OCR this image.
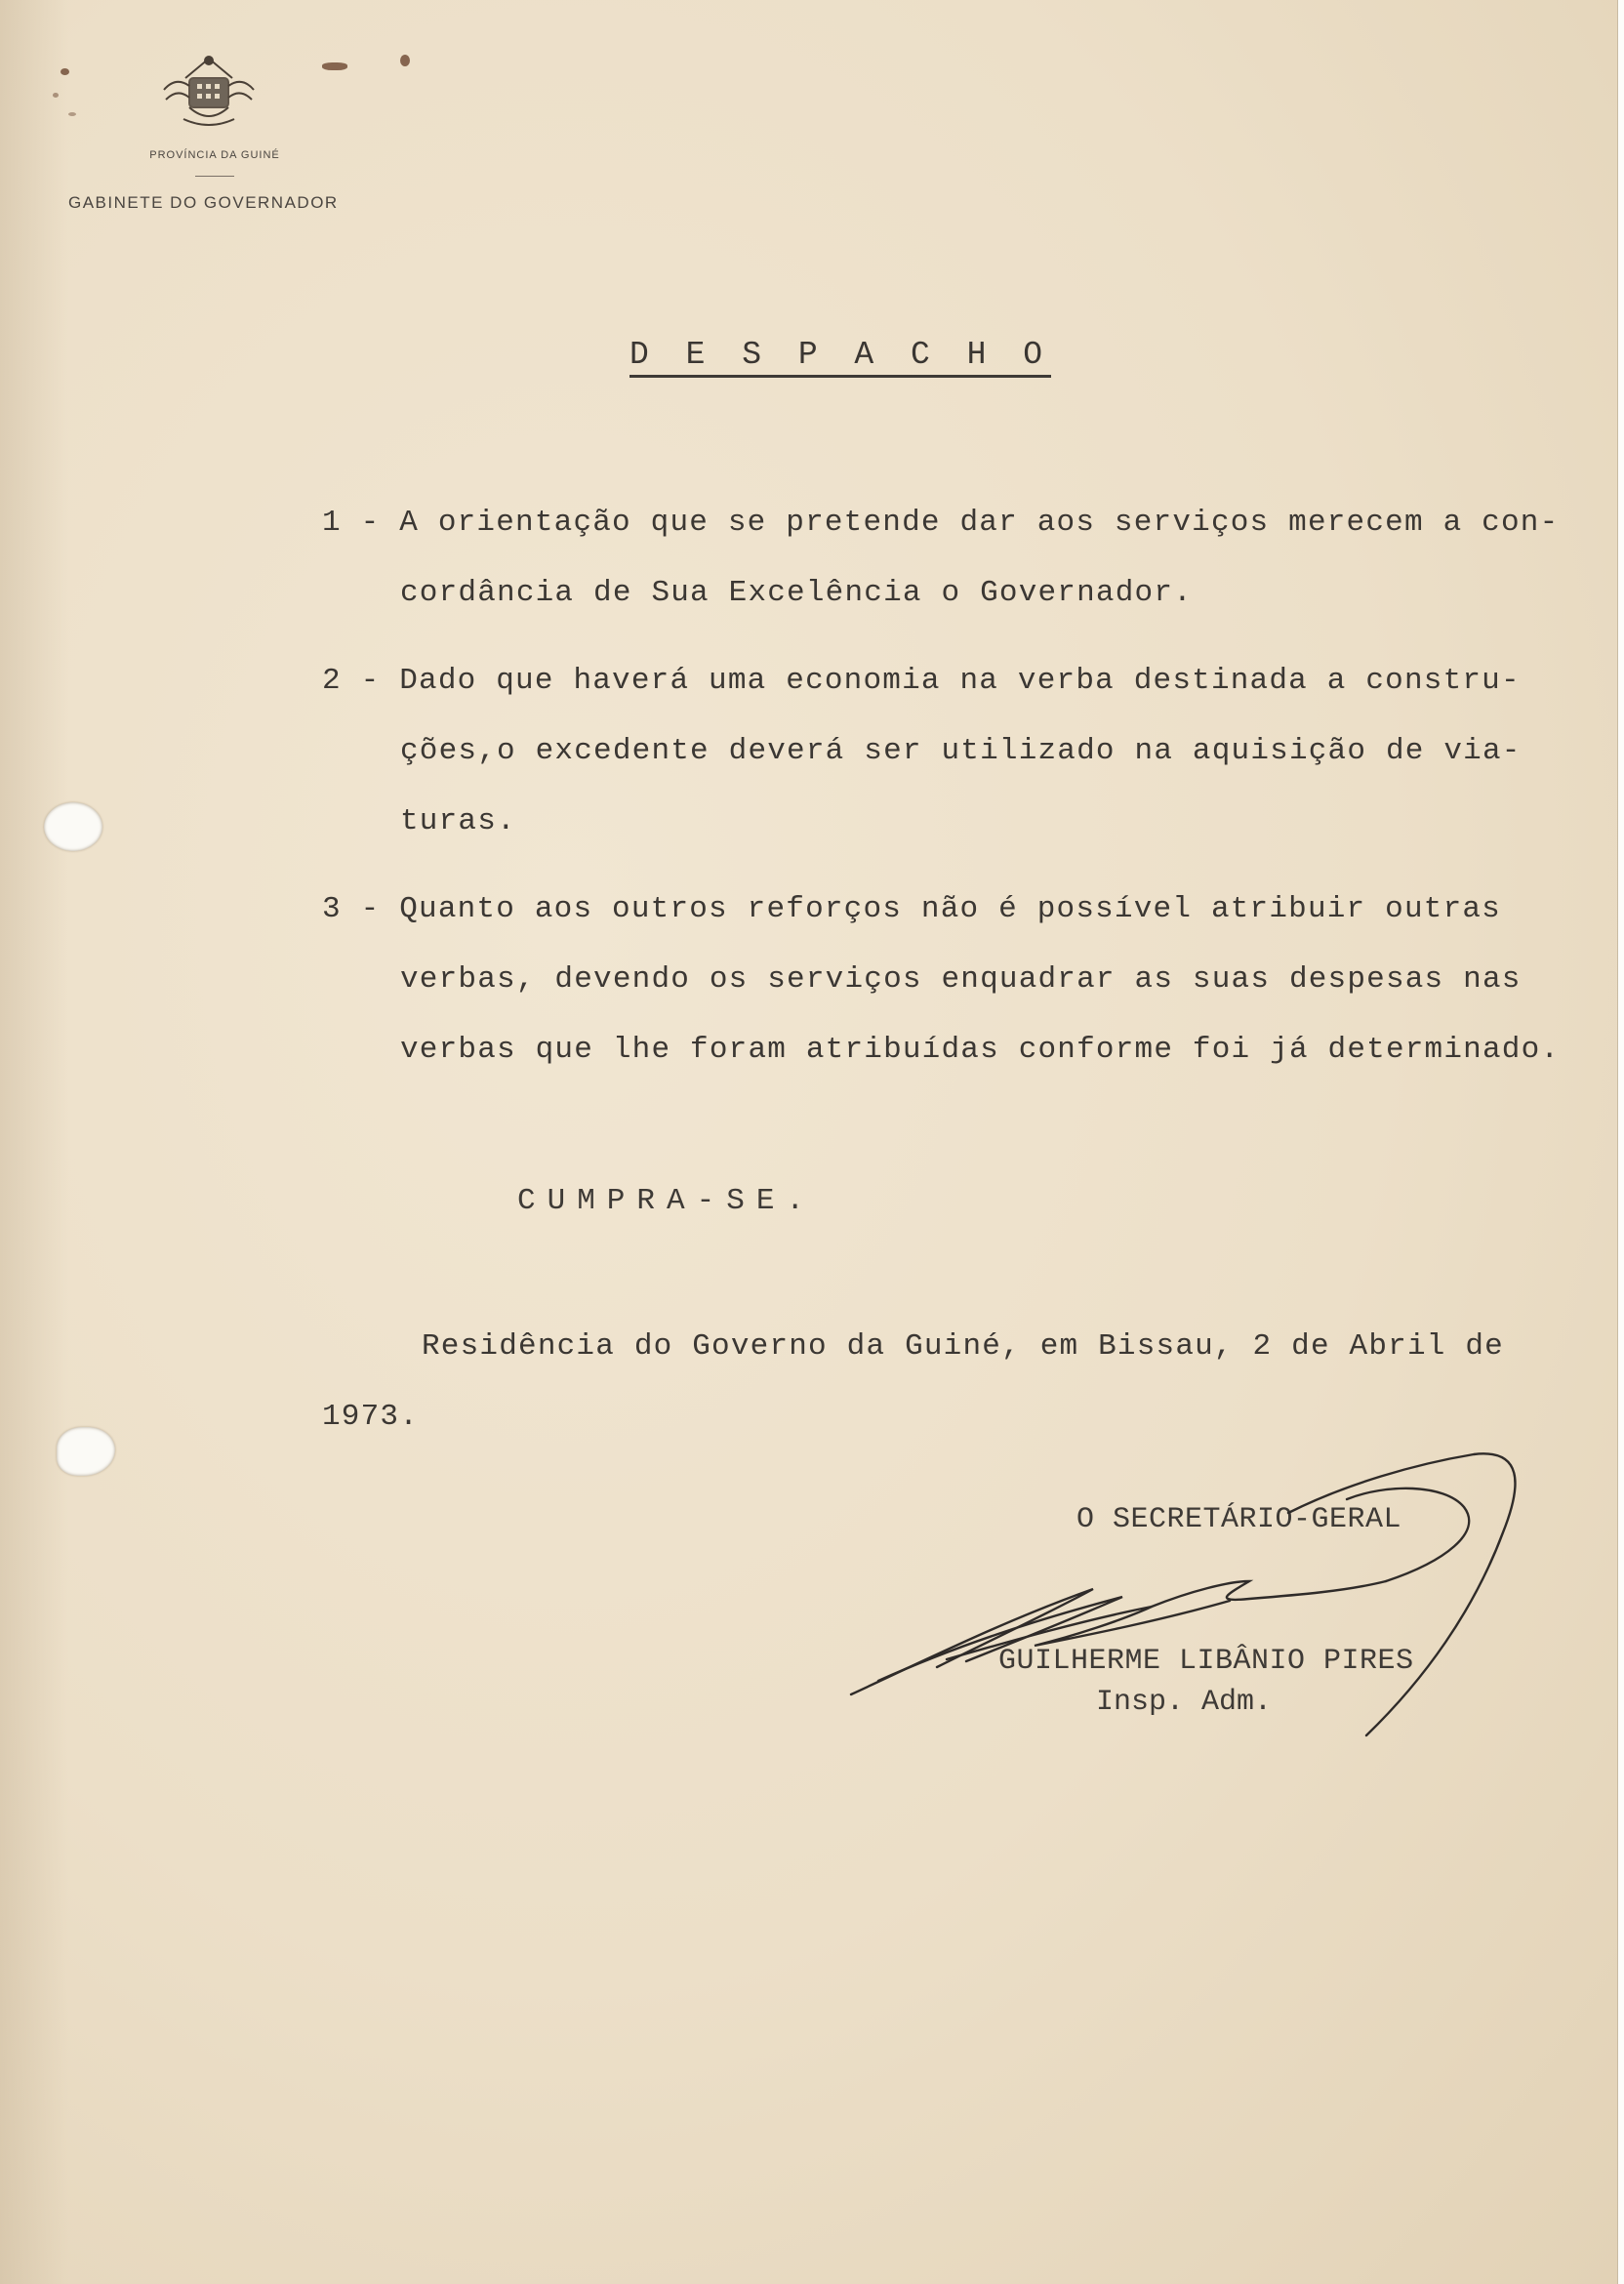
PROVÍNCIA DA GUINÉ
GABINETE DO GOVERNADOR
D E S P A C H O
1 - A orientação que se pretende dar aos serviços merecem a con-
cordância de Sua Excelência o Governador.
2 - Dado que haverá uma economia na verba destinada a constru-
ções,o excedente deverá ser utilizado na aquisição de via-
turas.
3 - Quanto aos outros reforços não é possível atribuir outras
verbas, devendo os serviços enquadrar as suas despesas nas
verbas que lhe foram atribuídas conforme foi já determinado.
CUMPRA-SE.
Residência do Governo da Guiné, em Bissau, 2 de Abril de
1973.
O SECRETÁRIO-GERAL
GUILHERME LIBÂNIO PIRES
Insp. Adm.
